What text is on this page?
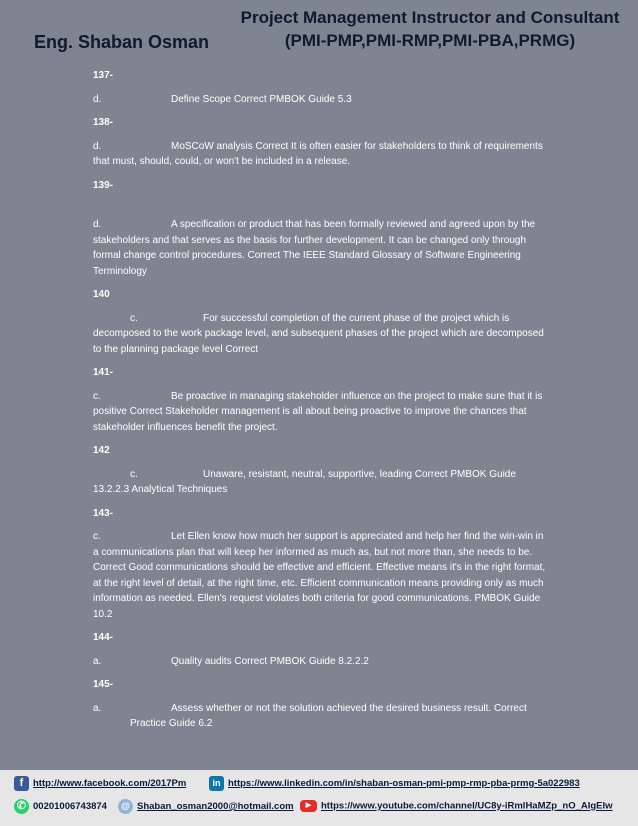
Eng. Shaban Osman
Project Management Instructor and Consultant
(PMI-PMP,PMI-RMP,PMI-PBA,PRMG)
137-
d.	Define Scope Correct PMBOK Guide 5.3
138-
d.	MoSCoW analysis Correct It is often easier for stakeholders to think of requirements that must, should, could, or won't be included in a release.
139-
d.	A specification or product that has been formally reviewed and agreed upon by the stakeholders and that serves as the basis for further development. It can be changed only through formal change control procedures. Correct The IEEE Standard Glossary of Software Engineering Terminology
140
c.	For successful completion of the current phase of the project which is decomposed to the work package level, and subsequent phases of the project which are decomposed to the planning package level Correct
141-
c.	Be proactive in managing stakeholder influence on the project to make sure that it is positive Correct Stakeholder management is all about being proactive to improve the chances that stakeholder influences benefit the project.
142
c.	Unaware, resistant, neutral, supportive, leading Correct PMBOK Guide 13.2.2.3 Analytical Techniques
143-
c.	Let Ellen know how much her support is appreciated and help her find the win-win in a communications plan that will keep her informed as much as, but not more than, she needs to be. Correct Good communications should be effective and efficient. Effective means it's in the right format, at the right level of detail, at the right time, etc. Efficient communication means providing only as much information as needed. Ellen's request violates both criteria for good communications. PMBOK Guide 10.2
144-
a.	Quality audits Correct PMBOK Guide 8.2.2.2
145-
a.	Assess whether or not the solution achieved the desired business result. Correct
Practice Guide 6.2
f http://www.facebook.com/2017Pm	in https://www.linkedin.com/in/shaban-osman-pmi-pmp-rmp-pba-prmg-5a022983
✆ 00201006743874	@ Shaban_osman2000@hotmail.com	▶ https://www.youtube.com/channel/UC8y-iRmlHaMZp_nO_AIgEIw
